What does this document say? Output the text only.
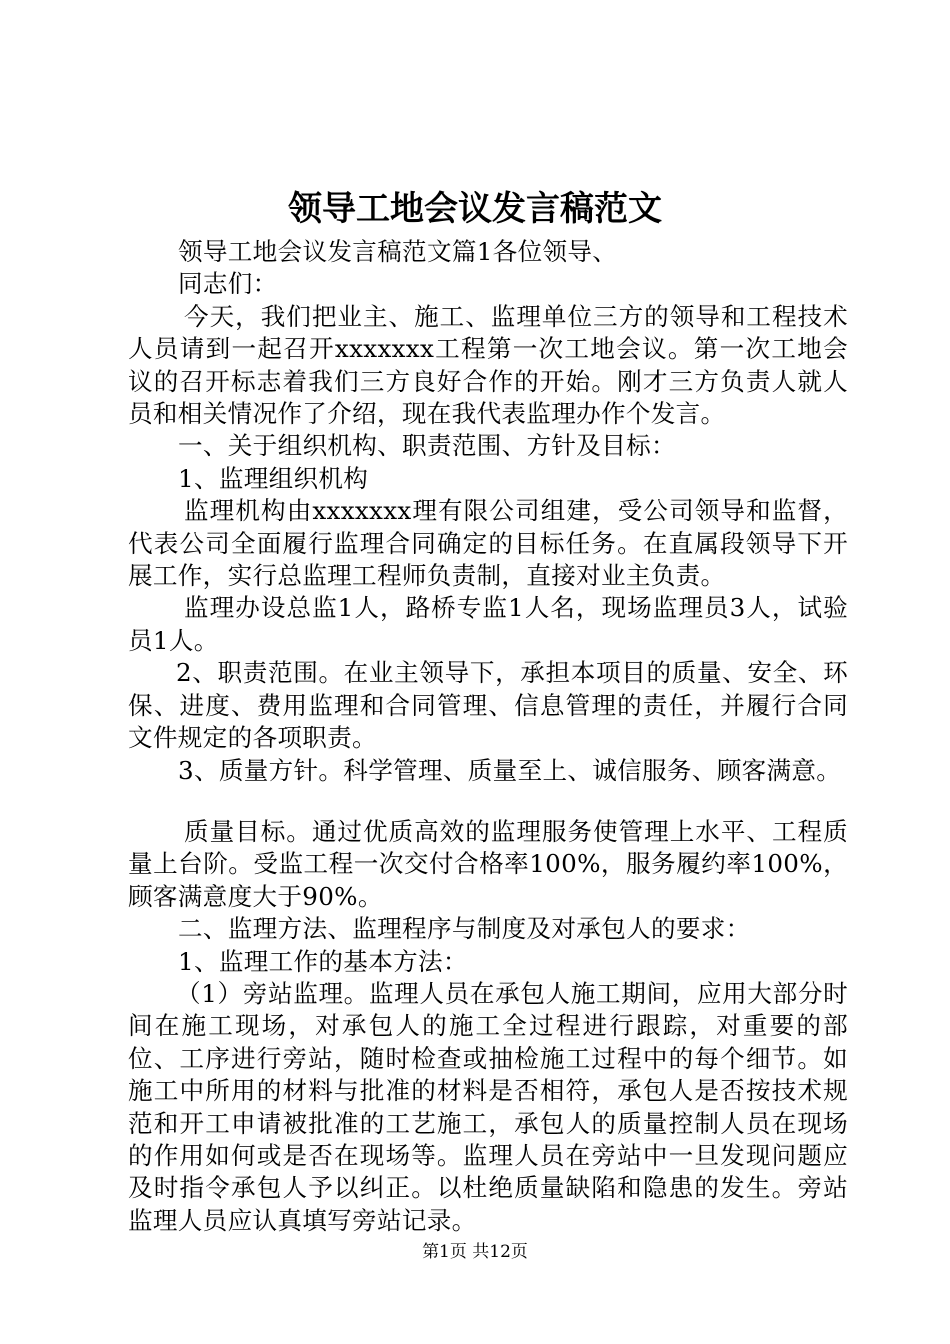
领导工地会议发言稿范文

领导工地会议发言稿范文篇1各位领导、

同志们：

今天，我们把业主、施工、监理单位三方的领导和工程技术人员请到一起召开xxxxxxx工程第一次工地会议。第一次工地会议的召开标志着我们三方良好合作的开始。刚才三方负责人就人员和相关情况作了介绍，现在我代表监理办作个发言。

一、关于组织机构、职责范围、方针及目标：

1、监理组织机构

监理机构由xxxxxxx理有限公司组建，受公司领导和监督，代表公司全面履行监理合同确定的目标任务。在直属段领导下开展工作，实行总监理工程师负责制，直接对业主负责。

监理办设总监1人，路桥专监1人名，现场监理员3人，试验员1人。

2、职责范围。在业主领导下，承担本项目的质量、安全、环保、进度、费用监理和合同管理、信息管理的责任，并履行合同文件规定的各项职责。

3、质量方针。科学管理、质量至上、诚信服务、顾客满意。

质量目标。通过优质高效的监理服务使管理上水平、工程质量上台阶。受监工程一次交付合格率100%，服务履约率100%，顾客满意度大于90%。

二、监理方法、监理程序与制度及对承包人的要求：

1、监理工作的基本方法：

（1）旁站监理。监理人员在承包人施工期间，应用大部分时间在施工现场，对承包人的施工全过程进行跟踪，对重要的部位、工序进行旁站，随时检查或抽检施工过程中的每个细节。如施工中所用的材料与批准的材料是否相符，承包人是否按技术规范和开工申请被批准的工艺施工，承包人的质量控制人员在现场的作用如何或是否在现场等。监理人员在旁站中一旦发现问题应及时指令承包人予以纠正。以杜绝质量缺陷和隐患的发生。旁站监理人员应认真填写旁站记录。

第1页 共12页
